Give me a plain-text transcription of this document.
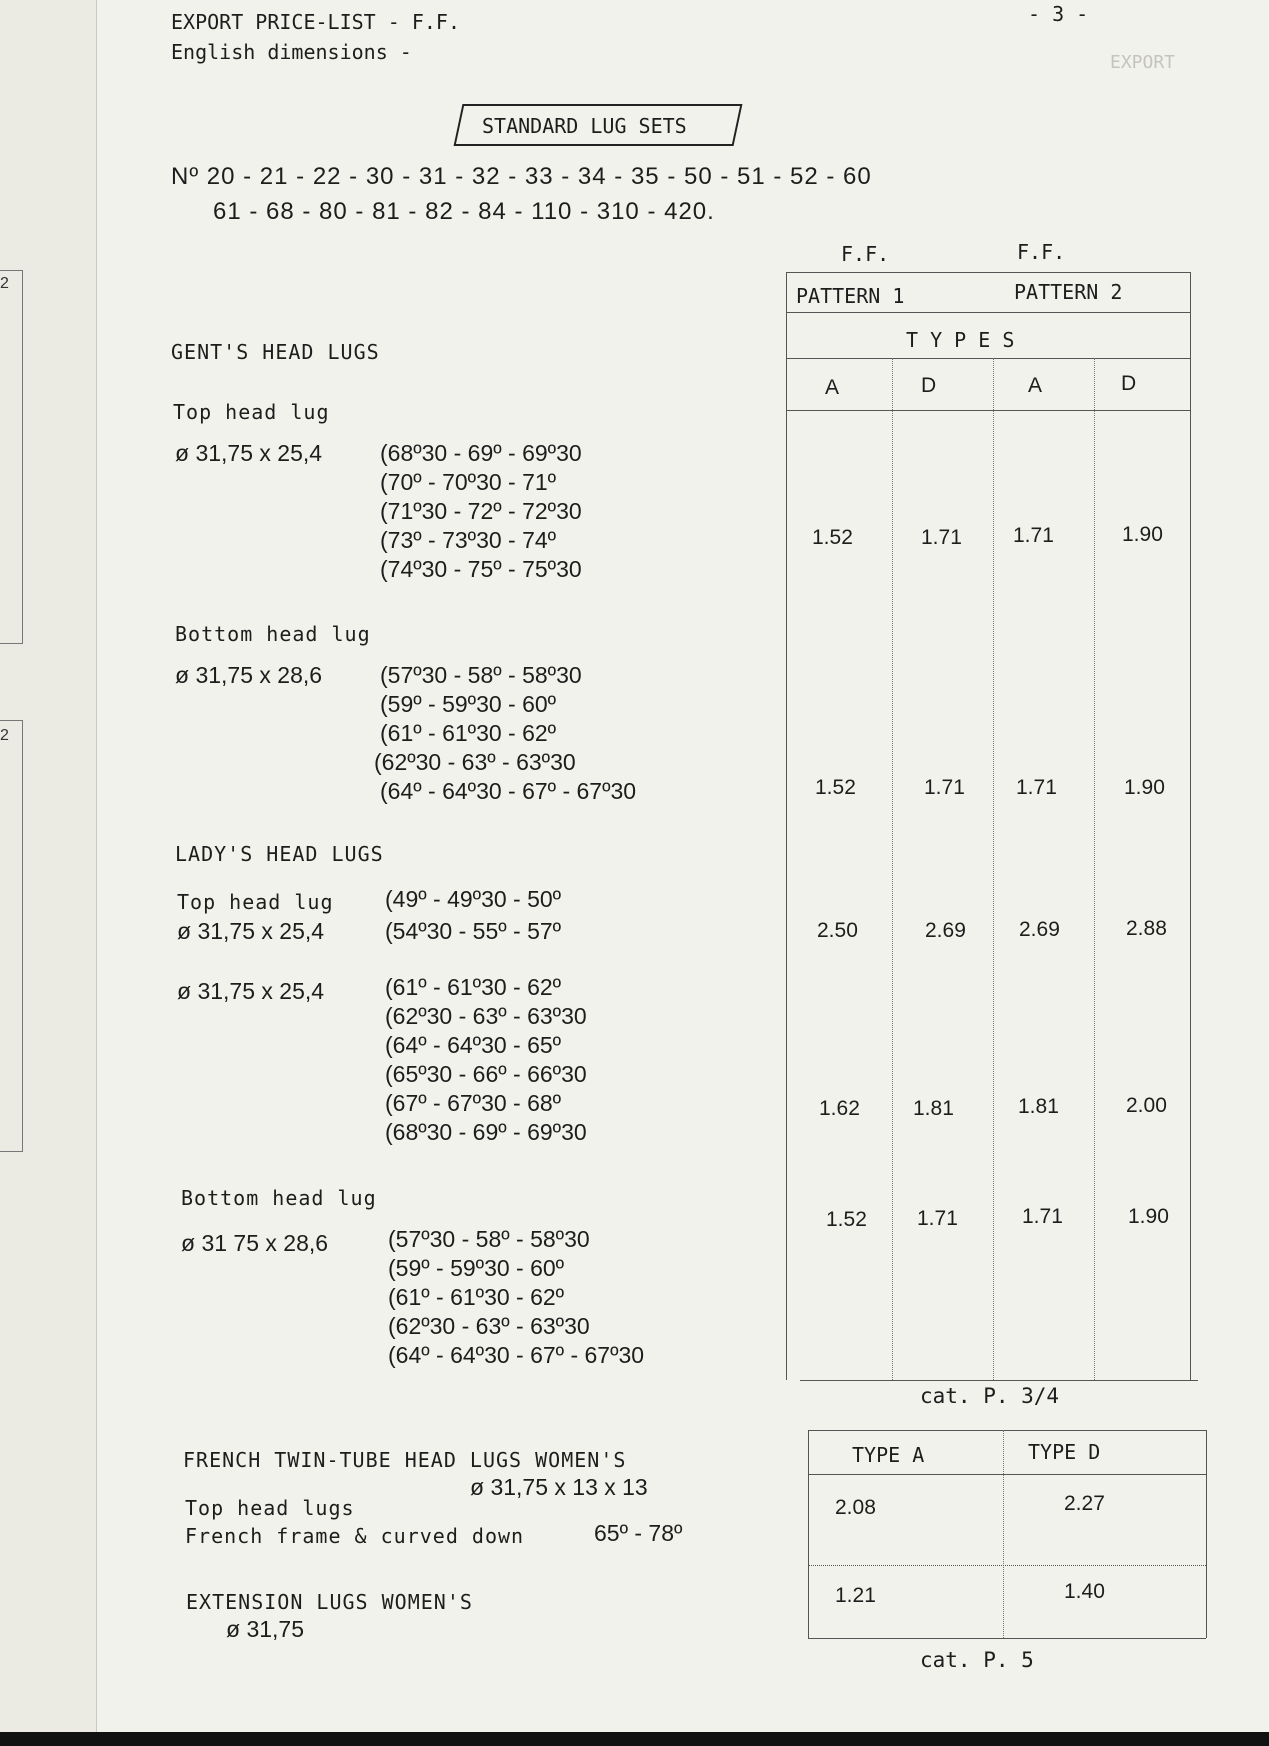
2
2
EXPORT
EXPORT PRICE-LIST - F.F.
English dimensions -
- 3 -
STANDARD LUG SETS
Nº 20 - 21 - 22 - 30 - 31 - 32 - 33 - 34 - 35 - 50 - 51 - 52 - 60
61 - 68 - 80 - 81 - 82 - 84 - 110 - 310 - 420.
F.F.	F.F.
PATTERN 1	PATTERN 2
T Y P E S
A	D	A	D
GENT'S HEAD LUGS
Top head lug
ø 31,75 x 25,4	(68º30 - 69º - 69º30
(70º - 70º30 - 71º
(71º30 - 72º - 72º30
(73º - 73º30 - 74º
(74º30 - 75º - 75º30
1.52	1.71 1.71	1.90
Bottom head lug
ø 31,75 x 28,6	(57º30 - 58º - 58º30
(59º - 59º30 - 60º
(61º - 61º30 - 62º
(62º30 - 63º - 63º30
(64º - 64º30 - 67º - 67º30	1.52	1.71 1.71	1.90
LADY'S HEAD LUGS
Top head lug (49º - 49º30 - 50º
ø 31,75 x 25,4	(54º30 - 55º - 57º	2.50	2.69	2.69	2.88
ø 31,75 x 25,4	(61º - 61º30 - 62º
(62º30 - 63º - 63º30
(64º - 64º30 - 65º
(65º30 - 66º - 66º30
(67º - 67º30 - 68º
(68º30 - 69º - 69º30
1.62	1.81	1.81	2.00
Bottom head lug
ø 31 75 x 28,6	(57º30 - 58º - 58º30
(59º - 59º30 - 60º
(61º - 61º30 - 62º
(62º30 - 63º - 63º30
(64º - 64º30 - 67º - 67º30
1.52 1.71	1.71	1.90
cat. P. 3/4
FRENCH TWIN-TUBE HEAD LUGS WOMEN'S
ø 31,75 x 13 x 13
Top head lugs
French frame & curved down	65º - 78º
TYPE A	TYPE D
2.08	2.27
1.21	1.40
EXTENSION LUGS WOMEN'S
ø 31,75
cat. P. 5
